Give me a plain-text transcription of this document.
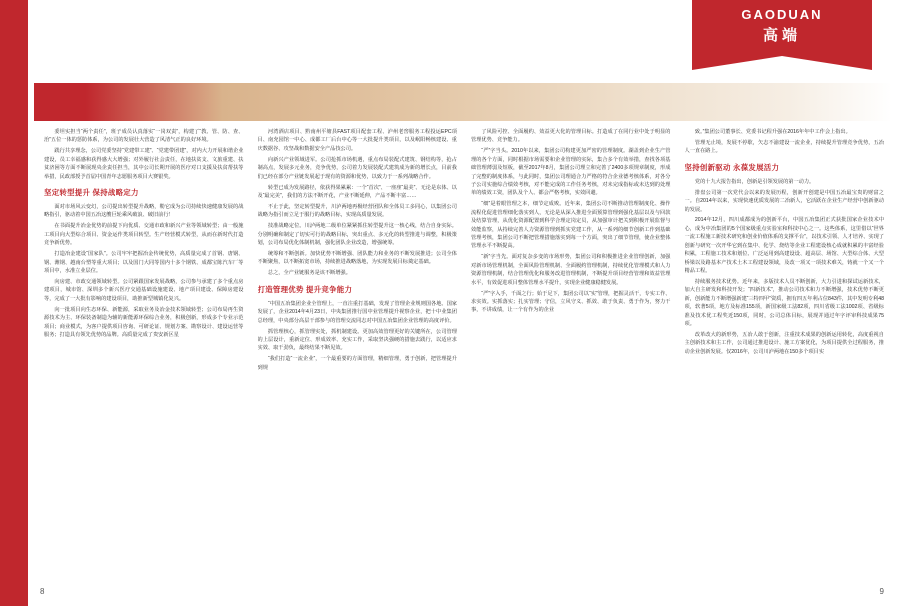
GAODUAN
高端

委坦实担当“两个责任”，班子成员认真落实“一岗双责”，构建了“教、管、防、查、治”五位一体的惩防体系，为公司的发展壮大营造了风清气正的良好环境。

践行共享理念，公司党委坚持“党建带工建”、“党建带团建”，对内大力开展和谐企业建设，员工幸福感和获得感大大增强；对外履行社会责任，在地扶贫支、文旅重建、扶贫济困等方面不断展现央企责任担当，其中公司长期开展的医疗对口支援及扶贫帮扶等举措，民政部授予首届中国青年志愿服务项目大赛银奖。

坚定转型提升 保持战略定力

面对市场风云变幻，公司提出转型提升战略，勒它成为公司持续快速健康发展的战略指引，驱动着中国五冶这艘巨轮乘风破浪、破旧前行！

在书面提升冶金优势的前提下向优质、交通市政和新兴产业等领域转型；由一般施工项目向大型综合项目、资金运作类项目转型。生产经营模式转型，从而在新时代打造竞争新优势。

打造冶金建设“国家队”。公司牢牢把握冶金传统优势，高质量完成了首钢、唐钢、钢、潍钢、越南台塑等重大项目；以及国门大同等国内十多个钢铁、成都宝陈汽车厂等项目中，水准立业层位。

向房建、市政交通领域转型。公司紧跟国家发展战略，公司参与承建了多个重点房建项目，城市馆、深圳多个新兴医疗交通基础设施建设、地产项目建设、保障房建设等，完成了一大批有影响的建设项目，助推新型城镇化复兴。

向一批项目向生态环保、新能源，采取业务及冶金技术领域转型；公司布局再生资源技术为主、环保装备制造为辅的新能源环保综合业务，积极创新，形成多个专业示范项目；商业模式，为客户提供项目咨询、可研论证、规划方案、勘察设计、建设运营等服务；打造具有领先优势的品牌。高质量完成了贵安新区星

河湾酒店项目、黔南州平塘县FAST项目配套工程、泸州老窖服务工程投运EPC项目、南充园馆一中心、成都工厂后台中心等一大批提升类项目，以及岷阳畅核建设、重庆数据谷、攻坚战和数据安全产品技公司。

向新兴产业领域进军。公司抢抓市场机遇，重点布局装配式建筑、钢结构等，抢占制高点，发展多元业务，竞争优势，公司着力发展装配式建筑成为新的增长点，目前我们已经在部分产业链发展起于现有的资源和优势，以致力于一系列战略合作。

转型已成为发展路径，依获得果累累：一个“首次”、一座座“最美”、无论是东体、以及“最完美”，我们的方法不断开花，产业不断延伸，产品不断丰富……

不止于此，坚定转型提升，川泸两地再极经营团队和全体员工多同心，以集团公司战略为指引而立足于服行的战略目标，实现高质量发展。

技准战略定位。川泸两地二级单位紧紧抓住转型提升这一核心线，结合自身实际。分别明确和制定了切实可行的战略目标，突出重点、多元化的转型推进与调整，积极策划，公司布局优化体制机制，强化团队企业改造，增强统筹。

统筹和不断创新。加快优势不断增强、团队能力和业务的不断发展推进；公司全体不断聚焦，以不断拓宽市场，持续推进战略落地，为实现发展目标奠定基础。

总之，全产业链服务是该不断增强。

打造管理优势 提升竞争能力

“中国五冶集团企业全管理上，一直注重打基础，发现了管理企业规则国各地、国家发展了，企业2014年4月23日，中央集团推行国中业管理提升视察企业，把十中业集团总经理，中央部分高层干部参与的管理交流同志对中国五冶集团企业管理的高度评价。

抓管理核心，抓管理实处，抓机制建设。更加高效管理更好的关键所在，公司管理的上层设计，重新定位、形成效率、充实工作，采取坚决强硬的措施去践行，以适应求实效、取干劲负，最终结果不断见效。

“我们打造“一流企业”，一个最重要的方面管理，精细管理，勇于创新，把管理提升到规

了风险可控、全面履约、效益更大化的管理目标。打造成了在同行业中处于明显的管理优势、竞争能力。

“严”字当头。2010年以来，集团公司构建更加严密的管理制度。湖盖到企业生产管理的各个方面，同时根据市场需要和企业管理的实际，集合多个有效举措，查找各项基础管理薄弱及短板，截至2017年8月，集团公司理立和完善了2400多项规章制度，形成了完整的制度体系，与此同时，集团公司理通合力严格的符合企业德考核体系，对各分子公司实施综合绩效考核，对不能完成的工作任务考核，对未完成指标或未达到的处理单的绩效工资，团队及个人、都会严格考核，实效回避。

“细”是着眼管理之本，细节定成败。近年来，集团公司不断推动管理制度化、操作流程化促进管理细化落实到人，无论是从深入推进全面预算管理到强化基层以及与回款及结算管理，从优化资源配置到科学合理定岗定员，从加强审计把关到积极开展监督与效能监察，从持续完善人力资源管理到抓实党建工作，从一系列的细节创新工作到基础管理考核，集团公司不断把管理措施落实到每一个方面，突出了细节管理，使企业整体管理水平不断提高。

“新”字当先。面对复杂多变的市场形势，集团公司和积极推进企业管理创新，加强对新市场管理机制，全面风险管理机制、全面履约管理机制，持续优化管理模式和人力资源管理机制，结合管理优化和服务改进管理机制，不断提升项目经营管理和效益管理水平，有效促进项目整体管理水平提升，实现企业健康稳健发展。

“严”字入手，千面之行；始于足下，集团公司以“实”管理，把握灵活干，专实工作、求实效。实抓落实；扎实管理；守信，立风守义、抓效、敢于负责、勇于作为，努力干事，不讲成绩，让一个有作为的企业

致。”集团公司董事长、党委书记程升强在2016年年中工作会上指出。

管理无止境，发展不停歇，矢志不渝建设一流企业，持续提升管理竞争优势，五冶人一直在路上。

坚持创新驱动 永葆发展活力

党的十九大报告指出，创新是引领发展的第一动力。

排盘公司第一次党代会以来的发展历程，创新开创建是中国五冶最宝贵的财富之一。自2014年以来，实现快速优质发展的二冶新人，它活跃在企业生产经营中创新驱动的发展。

2014年12月，四川成都成为的创新平台，中国五冶集团正式获批国家企业技术中心，成为中冶集团的5个国家级重点实验室和科技中心之一。这些体系，这里借以“世界一流工程施工新技术研究和创业价值体系的支撑平台”，以技术引领、人才培养、实现了创新与研究一次开华它到在集中、化学、烧结等企业工程建设核心成就积累的丰富经验积累，工程施工技术和划位、广泛运用到高建设设、超高层、场馆、大型综合体、大型桥梁以及路基本产技术土木工程建设领域，及改一项又一项技术难关，铸就一个又一个精品工程。

持续服务技术优势。近年来，多版技术人员不断创新，大力引进和探试运新技术，加大自主研发和科技开发；“四新技术”，推动公司技术和力不断增强，技术优势不断更新，创新能力不断增强新建“三特四甲”资质，拥有四五年利占位843件，其中发明专利48项，软著5项，地方及标准155项，新国家级工法82项，四川省级工法1002项、省级标准及技术优工程奖近150项，同时，公司总体目标，展现并通过年字评审科技成果75项。

改革改大的新形势，五冶人敢于创新，注重技术成果的创新运用转化，高度重视自主创新技术和主工作，公司通过推进设计、施工方案优化，为项目提供全过程服务，推动企业创新发展。仅2016年，公司川泸两地在150多个项目实

8	9
